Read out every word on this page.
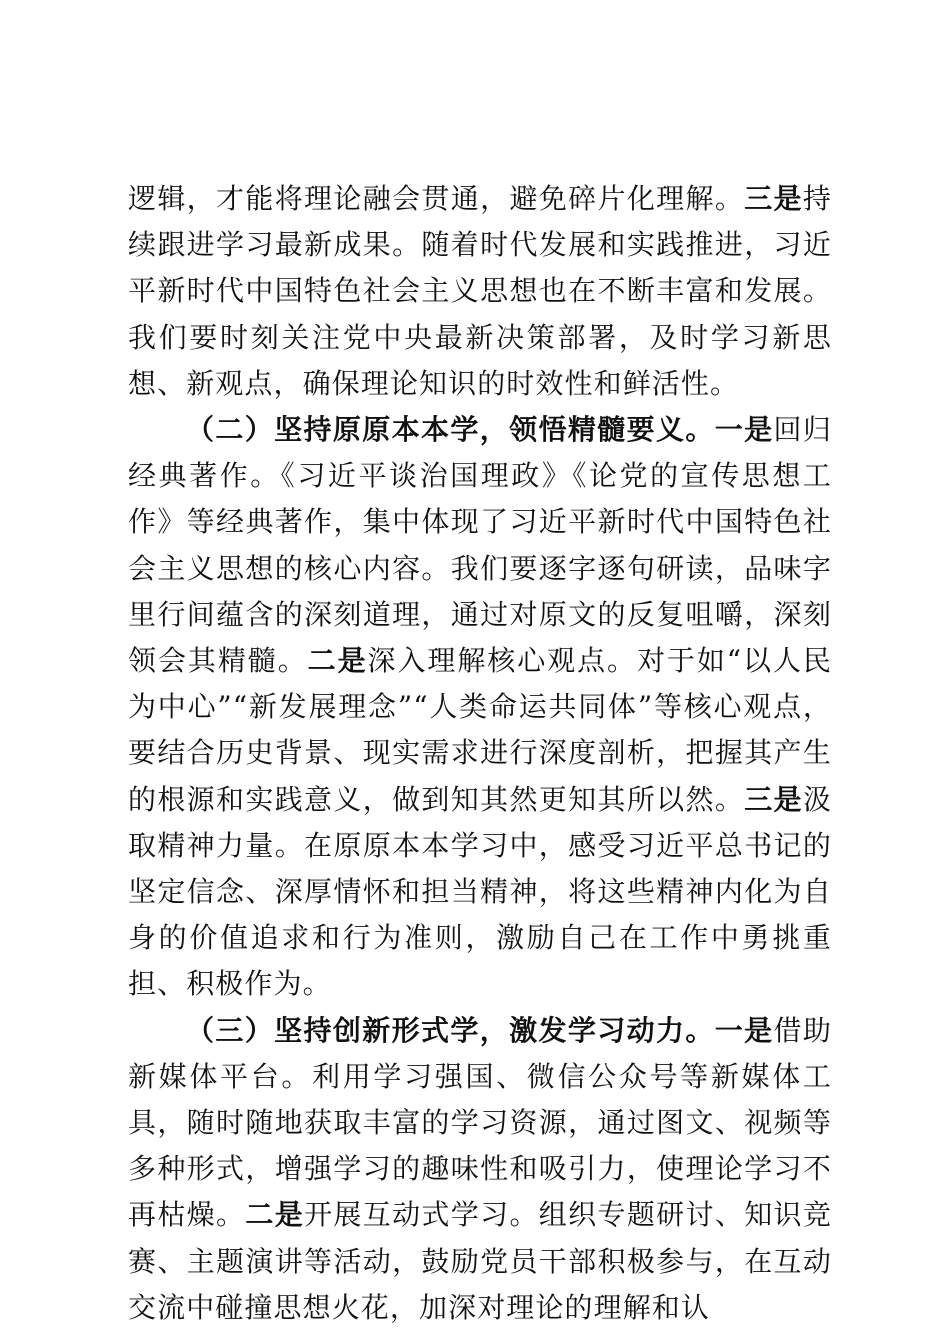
逻辑，才能将理论融会贯通，避免碎片化理解。三是持续跟进学习最新成果。随着时代发展和实践推进，习近平新时代中国特色社会主义思想也在不断丰富和发展。我们要时刻关注党中央最新决策部署，及时学习新思想、新观点，确保理论知识的时效性和鲜活性。

（二）坚持原原本本学，领悟精髓要义。一是回归经典著作。《习近平谈治国理政》《论党的宣传思想工作》等经典著作，集中体现了习近平新时代中国特色社会主义思想的核心内容。我们要逐字逐句研读，品味字里行间蕴含的深刻道理，通过对原文的反复咀嚼，深刻领会其精髓。二是深入理解核心观点。对于如“以人民为中心”“新发展理念”“人类命运共同体”等核心观点，要结合历史背景、现实需求进行深度剖析，把握其产生的根源和实践意义，做到知其然更知其所以然。三是汲取精神力量。在原原本本学习中，感受习近平总书记的坚定信念、深厚情怀和担当精神，将这些精神内化为自身的价值追求和行为准则，激励自己在工作中勇挑重担、积极作为。

（三）坚持创新形式学，激发学习动力。一是借助新媒体平台。利用学习强国、微信公众号等新媒体工具，随时随地获取丰富的学习资源，通过图文、视频等多种形式，增强学习的趣味性和吸引力，使理论学习不再枯燥。二是开展互动式学习。组织专题研讨、知识竞赛、主题演讲等活动，鼓励党员干部积极参与，在互动交流中碰撞思想火花，加深对理论的理解和认
